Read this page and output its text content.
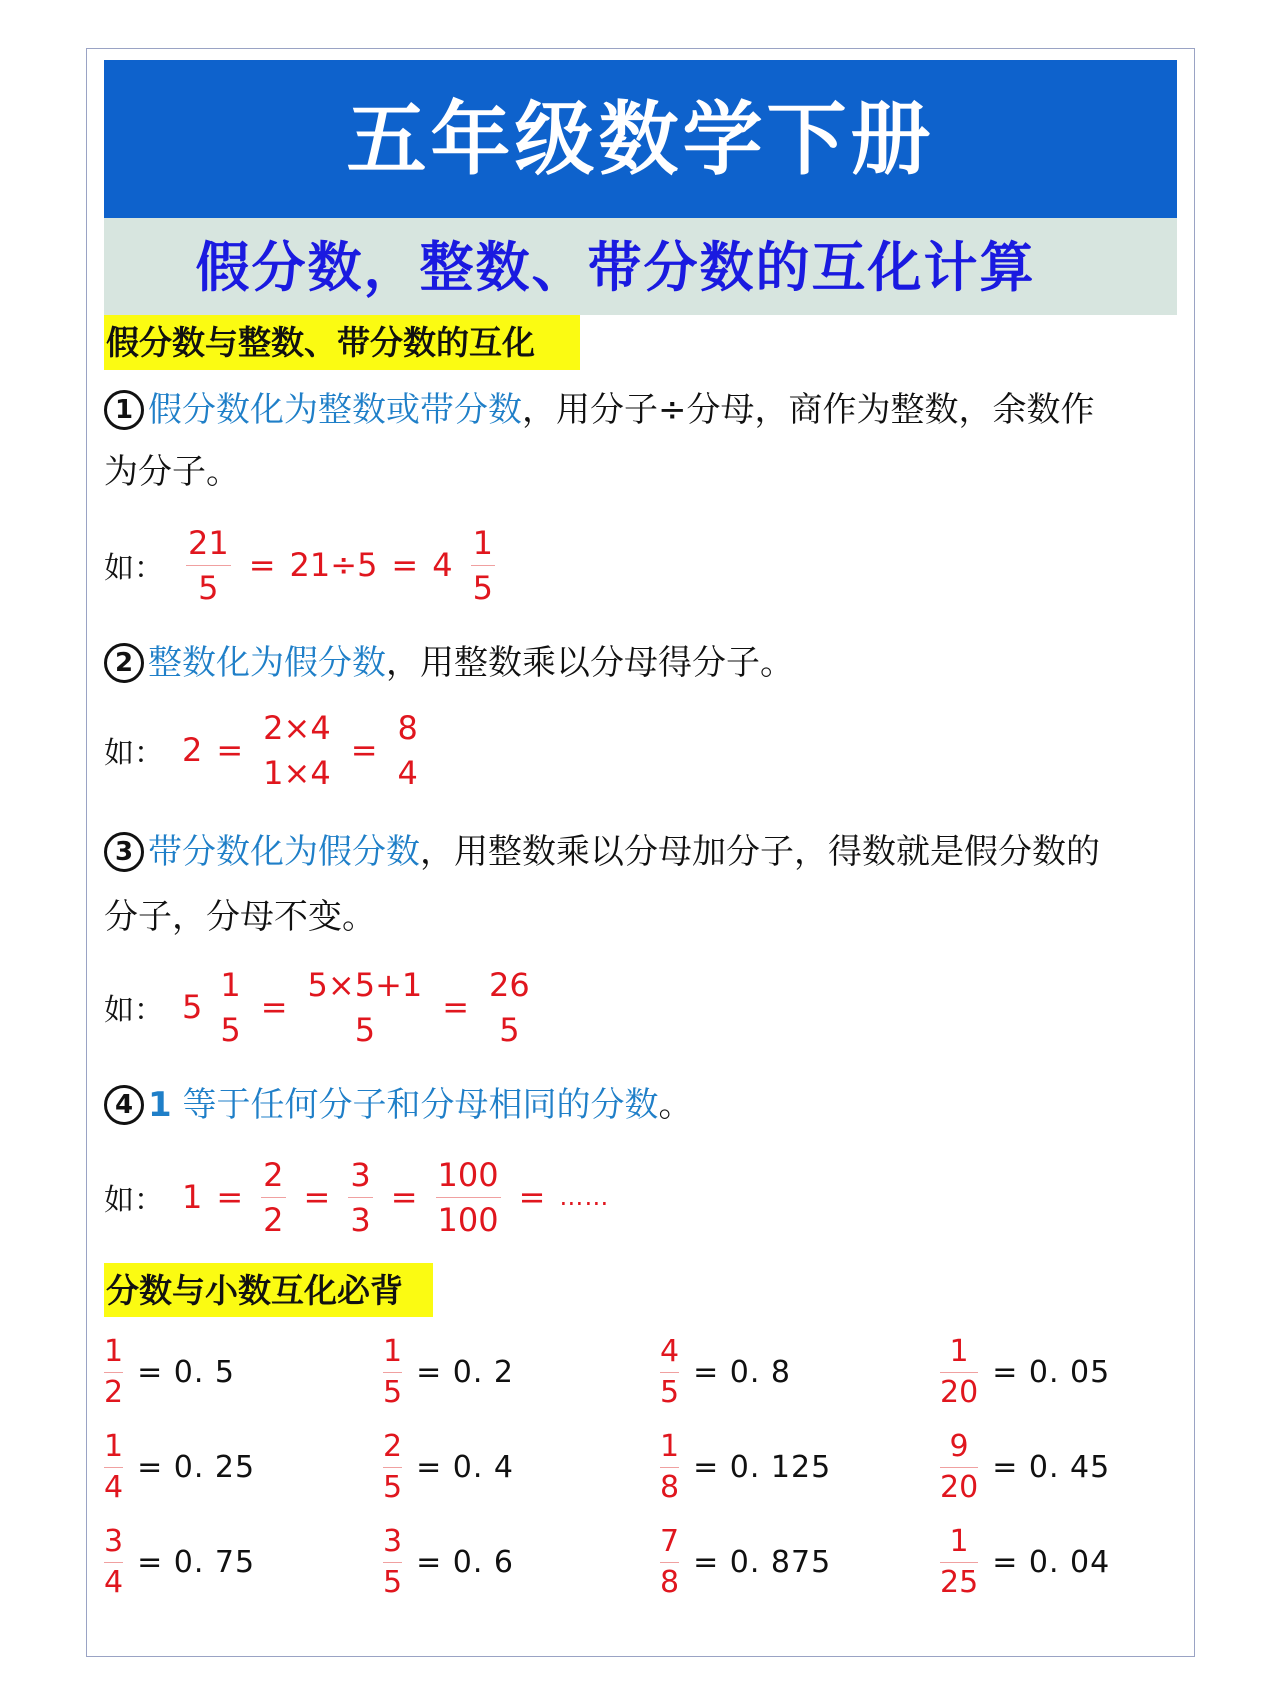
五年级数学下册
假分数，整数、带分数的互化计算
假分数与整数、带分数的互化
1 假分数化为整数或带分数 ，用分子÷分母，商作为整数，余数作
为分子。
如： $\frac{21}{5} = 21\div 5 = 4 \frac{1}{5}$
2 整数化为假分数 ，用整数乘以分母得分子。
如： 2 =
2×4
1×4
=
8
4
3 带分数化为假分数 ，用整数乘以分母加分子，得数就是假分数的
分子，分母不变。
如： 5
1
5
=
5×5+1
5
=
26
5
4 1 等于任何分子和分母相同的分数 。
如： $1 = \frac{2}{2} = \frac{3}{3} = \frac{100}{100}$ = ……
分数与小数互化必背
$\frac{1}{2} = 0$. 5	$\frac{1}{5} = 0$. 2	$\frac{4}{5} = 0$. 8	$\frac{1}{20} = 0$. 05
$\frac{1}{4} = 0$. 25	$\frac{2}{5} = 0$. 4	$\frac{1}{8} = 0$. 125	$\frac{9}{20} = 0$. 45
$\frac{3}{4} = 0$. 75	$\frac{3}{5} = 0$. 6	$\frac{7}{8} = 0$. 875	$\frac{1}{25} = 0$. 04
